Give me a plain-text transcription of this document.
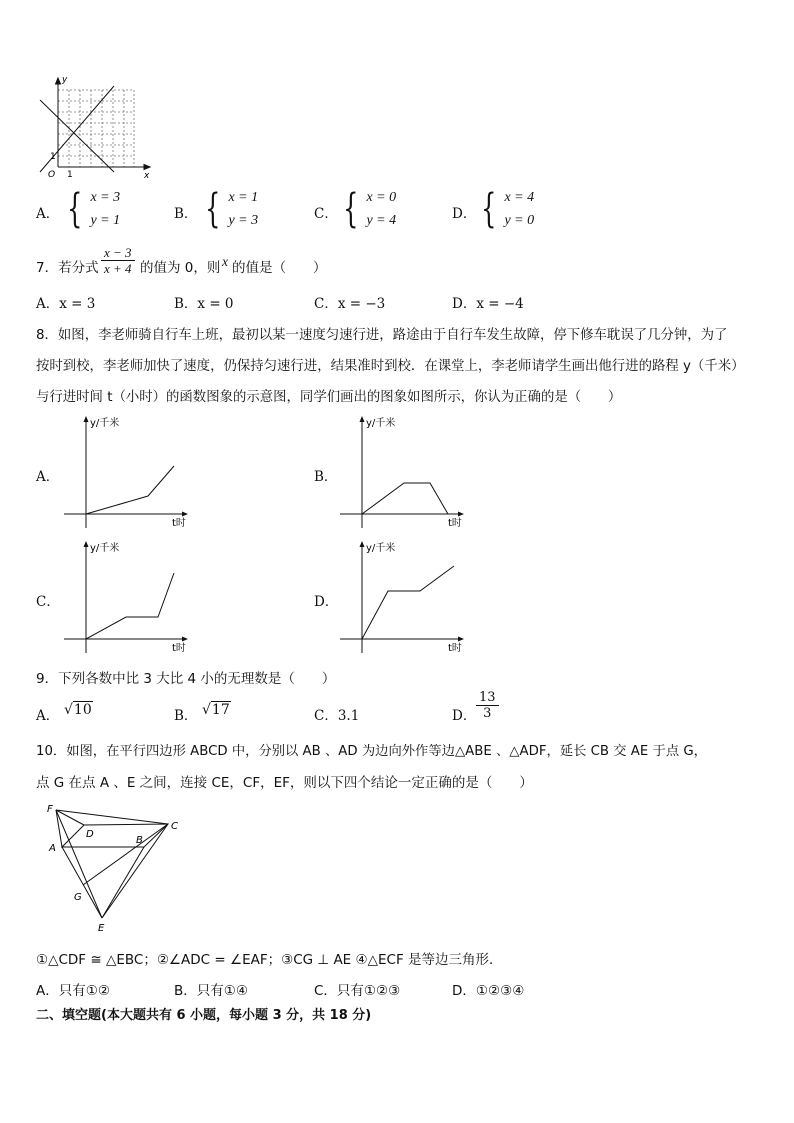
y
x
O 1
1
A． { x = 3
y = 1	B． { x = 1
y = 3	C． { x = 0
y = 4	D． { x = 4
y = 0
7．若分式 $\frac{x - 3}{x + 4}$ 的值为 0，则 x 的值是（　　）
A．x = 3	B．x = 0	C．x = −3	D．x = −4
8．如图，李老师骑自行车上班，最初以某一速度匀速行进，路途由于自行车发生故障，停下修车耽误了几分钟，为了
按时到校，李老师加快了速度，仍保持匀速行进，结果准时到校．在课堂上，李老师请学生画出他行进的路程 y（千米）
与行进时间 t（小时）的函数图象的示意图，同学们画出的图象如图所示，你认为正确的是（　　）
A．	B．
C．	D．
y/千米
t时
y/千米
t时
y/千米
t时
y/千米
t时
9．下列各数中比 3 大比 4 小的无理数是（　　）
A． √10	B． √17	C．3.1	D． $\frac{13}{3}$
10．如图，在平行四边形 ABCD 中，分别以 AB 、AD 为边向外作等边△ABE 、△ADF，延长 CB 交 AE 于点 G，
点 G 在点 A 、E 之间，连接 CE，CF，EF，则以下四个结论一定正确的是（　　）
F
D
C
A
B
G
E
①△CDF ≅ △EBC；②∠ADC = ∠EAF；③CG ⊥ AE ④△ECF 是等边三角形．
A．只有①②	B．只有①④	C．只有①②③	D．①②③④
二、填空题(本大题共有 6 小题，每小题 3 分，共 18 分)
